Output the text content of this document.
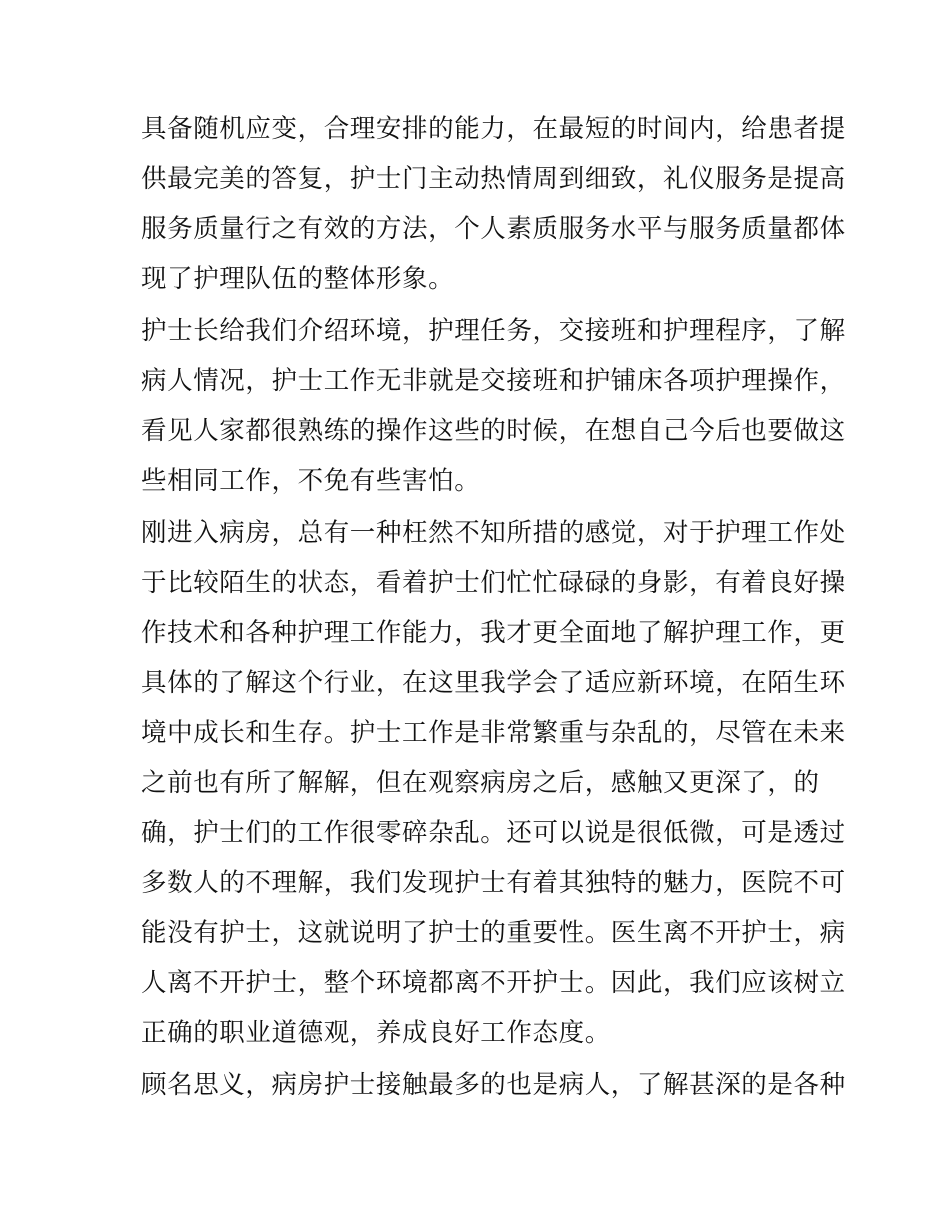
具备随机应变，合理安排的能力，在最短的时间内，给患者提
供最完美的答复，护士门主动热情周到细致，礼仪服务是提高
服务质量行之有效的方法，个人素质服务水平与服务质量都体
现了护理队伍的整体形象。
护士长给我们介绍环境，护理任务，交接班和护理程序，了解
病人情况，护士工作无非就是交接班和护铺床各项护理操作，
看见人家都很熟练的操作这些的时候，在想自己今后也要做这
些相同工作，不免有些害怕。
刚进入病房，总有一种枉然不知所措的感觉，对于护理工作处
于比较陌生的状态，看着护士们忙忙碌碌的身影，有着良好操
作技术和各种护理工作能力，我才更全面地了解护理工作，更
具体的了解这个行业，在这里我学会了适应新环境，在陌生环
境中成长和生存。护士工作是非常繁重与杂乱的，尽管在未来
之前也有所了解解，但在观察病房之后，感触又更深了，的
确，护士们的工作很零碎杂乱。还可以说是很低微，可是透过
多数人的不理解，我们发现护士有着其独特的魅力，医院不可
能没有护士，这就说明了护士的重要性。医生离不开护士，病
人离不开护士，整个环境都离不开护士。因此，我们应该树立
正确的职业道德观，养成良好工作态度。
顾名思义，病房护士接触最多的也是病人，了解甚深的是各种
